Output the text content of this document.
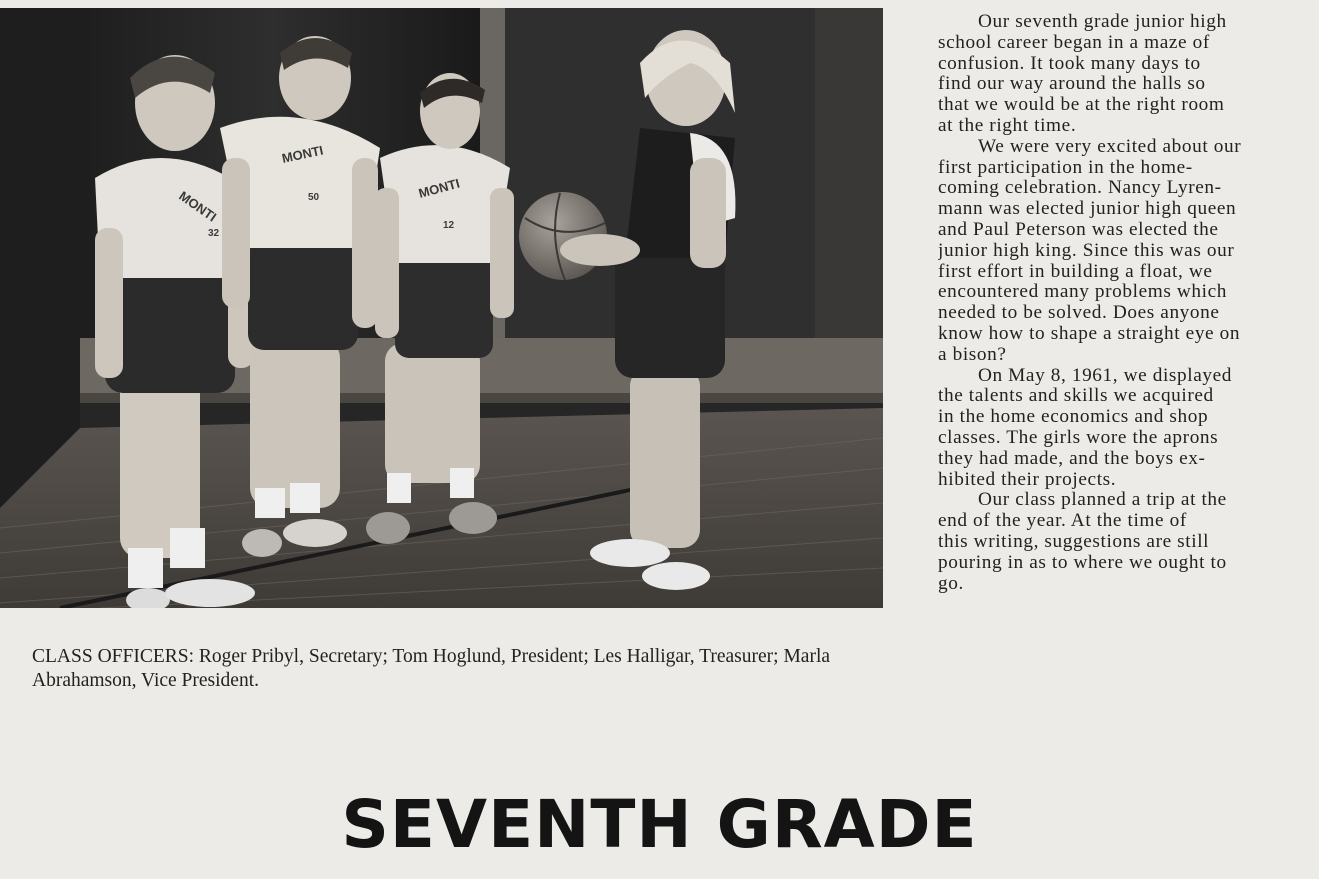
MONTI
32
MONTI
50	MONTI
12
CLASS OFFICERS: Roger Pribyl, Secretary; Tom Hoglund, President; Les Halligar, Treasurer; Marla Abrahamson, Vice President.
Our seventh grade junior high
school career began in a maze of
confusion. It took many days to
find our way around the halls so
that we would be at the right room
at the right time.
We were very excited about our
first participation in the home-
coming celebration. Nancy Lyren-
mann was elected junior high queen
and Paul Peterson was elected the
junior high king. Since this was our
first effort in building a float, we
encountered many problems which
needed to be solved. Does anyone
know how to shape a straight eye on
a bison?
On May 8, 1961, we displayed
the talents and skills we acquired
in the home economics and shop
classes. The girls wore the aprons
they had made, and the boys ex-
hibited their projects.
Our class planned a trip at the
end of the year. At the time of
this writing, suggestions are still
pouring in as to where we ought to
go.
SEVENTH GRADE
